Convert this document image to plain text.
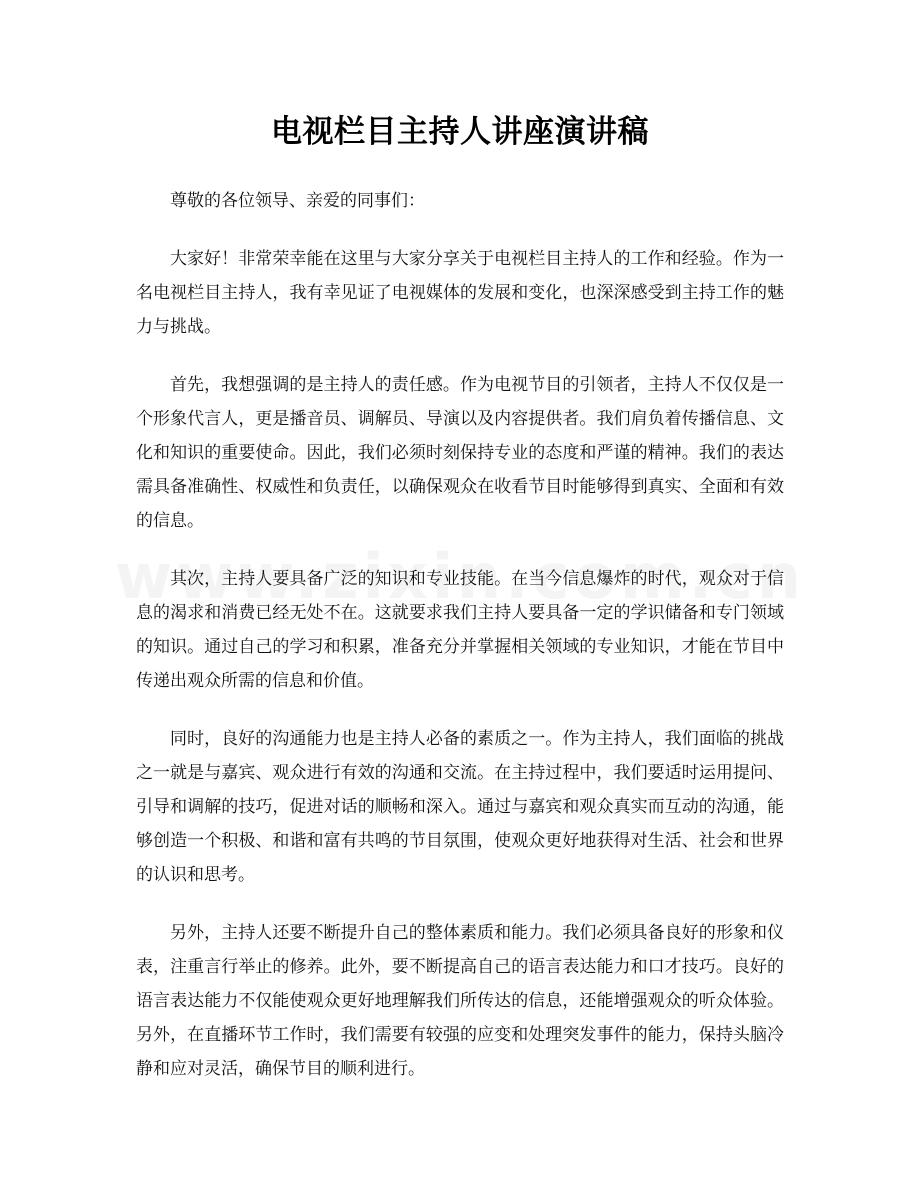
电视栏目主持人讲座演讲稿

尊敬的各位领导、亲爱的同事们：

大家好！非常荣幸能在这里与大家分享关于电视栏目主持人的工作和经验。作为一名电视栏目主持人，我有幸见证了电视媒体的发展和变化，也深深感受到主持工作的魅力与挑战。

首先，我想强调的是主持人的责任感。作为电视节目的引领者，主持人不仅仅是一个形象代言人，更是播音员、调解员、导演以及内容提供者。我们肩负着传播信息、文化和知识的重要使命。因此，我们必须时刻保持专业的态度和严谨的精神。我们的表达需具备准确性、权威性和负责任，以确保观众在收看节目时能够得到真实、全面和有效的信息。

其次，主持人要具备广泛的知识和专业技能。在当今信息爆炸的时代，观众对于信息的渴求和消费已经无处不在。这就要求我们主持人要具备一定的学识储备和专门领域的知识。通过自己的学习和积累，准备充分并掌握相关领域的专业知识，才能在节目中传递出观众所需的信息和价值。

同时，良好的沟通能力也是主持人必备的素质之一。作为主持人，我们面临的挑战之一就是与嘉宾、观众进行有效的沟通和交流。在主持过程中，我们要适时运用提问、引导和调解的技巧，促进对话的顺畅和深入。通过与嘉宾和观众真实而互动的沟通，能够创造一个积极、和谐和富有共鸣的节目氛围，使观众更好地获得对生活、社会和世界的认识和思考。

另外，主持人还要不断提升自己的整体素质和能力。我们必须具备良好的形象和仪表，注重言行举止的修养。此外，要不断提高自己的语言表达能力和口才技巧。良好的语言表达能力不仅能使观众更好地理解我们所传达的信息，还能增强观众的听众体验。另外，在直播环节工作时，我们需要有较强的应变和处理突发事件的能力，保持头脑冷静和应对灵活，确保节目的顺利进行。
